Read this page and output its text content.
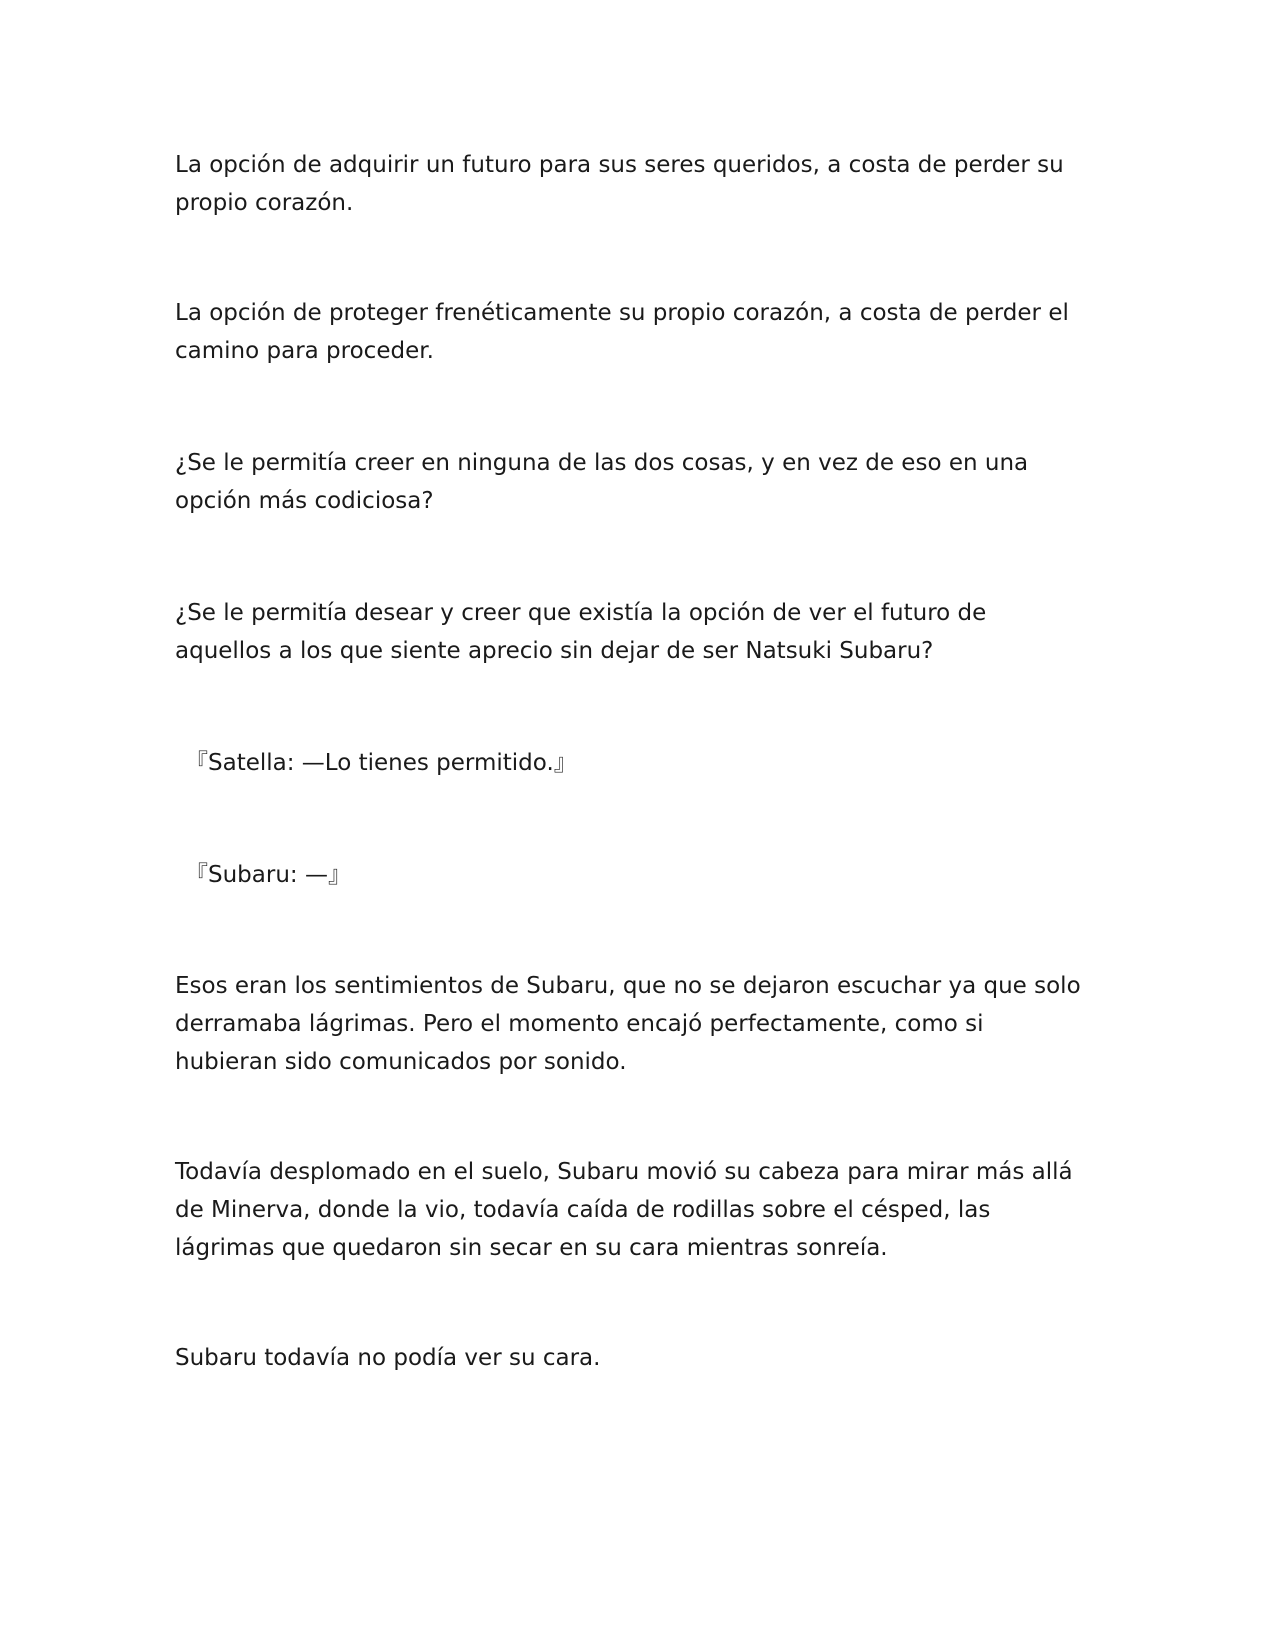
La opción de adquirir un futuro para sus seres queridos, a costa de perder su
propio corazón.

La opción de proteger frenéticamente su propio corazón, a costa de perder el
camino para proceder.

¿Se le permitía creer en ninguna de las dos cosas, y en vez de eso en una
opción más codiciosa?

¿Se le permitía desear y creer que existía la opción de ver el futuro de
aquellos a los que siente aprecio sin dejar de ser Natsuki Subaru?

『Satella: —Lo tienes permitido.』

『Subaru: —』

Esos eran los sentimientos de Subaru, que no se dejaron escuchar ya que solo
derramaba lágrimas. Pero el momento encajó perfectamente, como si
hubieran sido comunicados por sonido.

Todavía desplomado en el suelo, Subaru movió su cabeza para mirar más allá
de Minerva, donde la vio, todavía caída de rodillas sobre el césped, las
lágrimas que quedaron sin secar en su cara mientras sonreía.

Subaru todavía no podía ver su cara.
